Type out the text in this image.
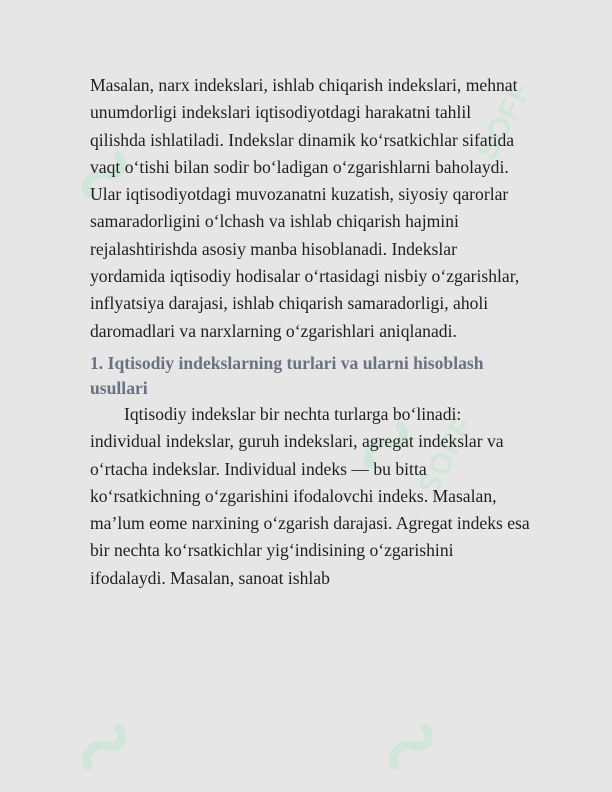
SOFF
SOFF

Masalan, narx indekslari, ishlab chiqarish indekslari, mehnat unumdorligi indekslari iqtisodiyotdagi harakatni tahlil qilishda ishlatiladi. Indekslar dinamik ko‘rsatkichlar sifatida vaqt o‘tishi bilan sodir bo‘ladigan o‘zgarishlarni baholaydi. Ular iqtisodiyotdagi muvozanatni kuzatish, siyosiy qarorlar samaradorligini o‘lchash va ishlab chiqarish hajmini rejalashtirishda asosiy manba hisoblanadi. Indekslar yordamida iqtisodiy hodisalar o‘rtasidagi nisbiy o‘zgarishlar, inflyatsiya darajasi, ishlab chiqarish samaradorligi, aholi daromadlari va narxlarning o‘zgarishlari aniqlanadi.

1. Iqtisodiy indekslarning turlari va ularni hisoblash usullari

Iqtisodiy indekslar bir nechta turlarga bo‘linadi: individual indekslar, guruh indekslari, agregat indekslar va o‘rtacha indekslar. Individual indeks — bu bitta ko‘rsatkichning o‘zgarishini ifodalovchi indeks. Masalan, ma’lum eome narxining o‘zgarish darajasi. Agregat indeks esa bir nechta ko‘rsatkichlar yig‘indisining o‘zgarishini ifodalaydi. Masalan, sanoat ishlab
